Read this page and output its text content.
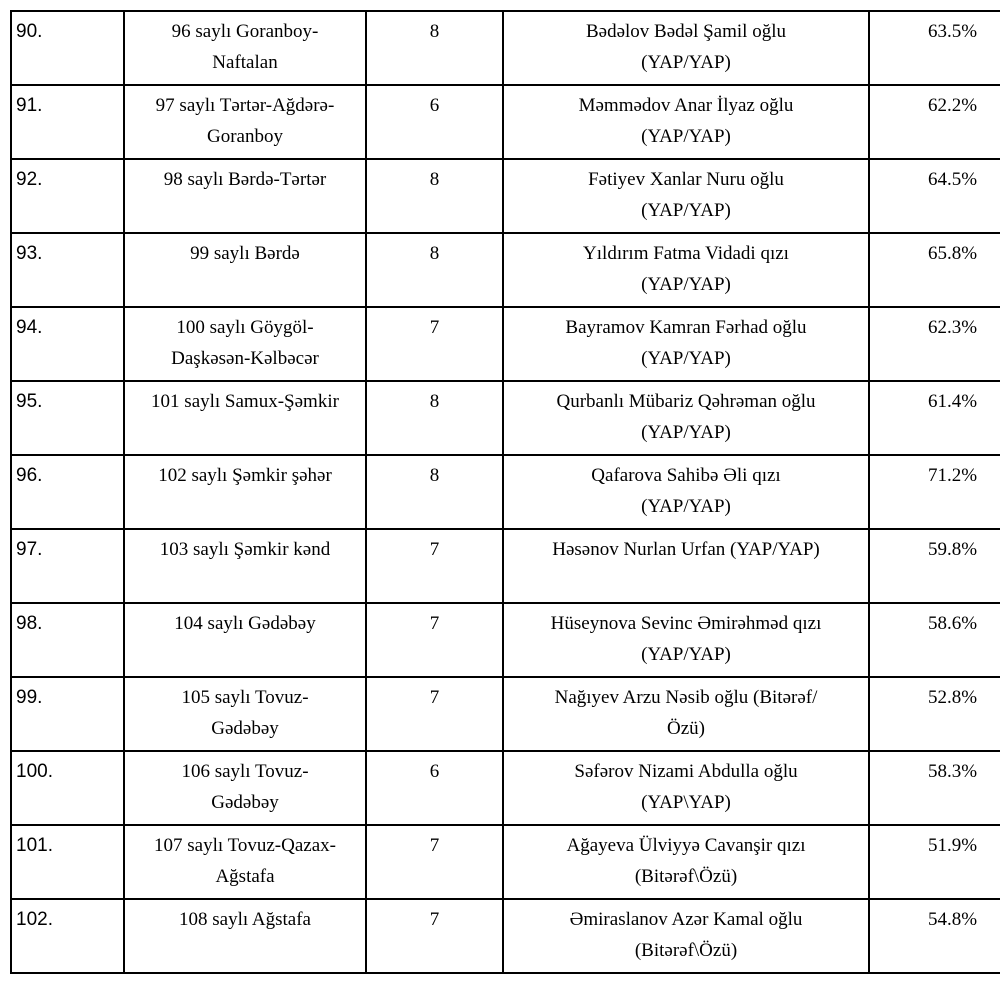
90.	96 saylı Goranboy-
Naftalan
	8	Bədəlov Bədəl Şamil oğlu
(YAP/YAP)
	63.5%
91.	97 saylı Tərtər-Ağdərə-
Goranboy
	6	Məmmədov Anar İlyaz oğlu
(YAP/YAP)
	62.2%
92.	98 saylı Bərdə-Tərtər	8	Fətiyev Xanlar Nuru oğlu
(YAP/YAP)	64.5%
93.	99 saylı Bərdə	8	Yıldırım Fatma Vidadi qızı
(YAP/YAP)	65.8%
94.	100 saylı Göygöl-
Daşkəsən-Kəlbəcər
	7	Bayramov Kamran Fərhad oğlu
(YAP/YAP)
	62.3%
95.	101 saylı Samux-Şəmkir	8	Qurbanlı Mübariz Qəhrəman oğlu
(YAP/YAP)	61.4%
96.	102 saylı Şəmkir şəhər	8	Qafarova Sahibə Əli qızı
(YAP/YAP)	71.2%
97.	103 saylı Şəmkir kənd	7	Həsənov Nurlan Urfan (YAP/YAP)	59.8%
98.	104 saylı Gədəbəy	7	Hüseynova Sevinc Əmirəhməd qızı
(YAP/YAP)	58.6%
99.	105 saylı Tovuz-
Gədəbəy
	7	Nağıyev Arzu Nəsib oğlu (Bitərəf/
Özü)
	52.8%
100.	106 saylı Tovuz-
Gədəbəy
	6	Səfərov Nizami Abdulla oğlu
(YAP\YAP)
	58.3%
101.	107 saylı Tovuz-Qazax-
Ağstafa
	7	Ağayeva Ülviyyə Cavanşir qızı
(Bitərəf\Özü)
	51.9%
102.	108 saylı Ağstafa	7	Əmiraslanov Azər Kamal oğlu
(Bitərəf\Özü)	54.8%
